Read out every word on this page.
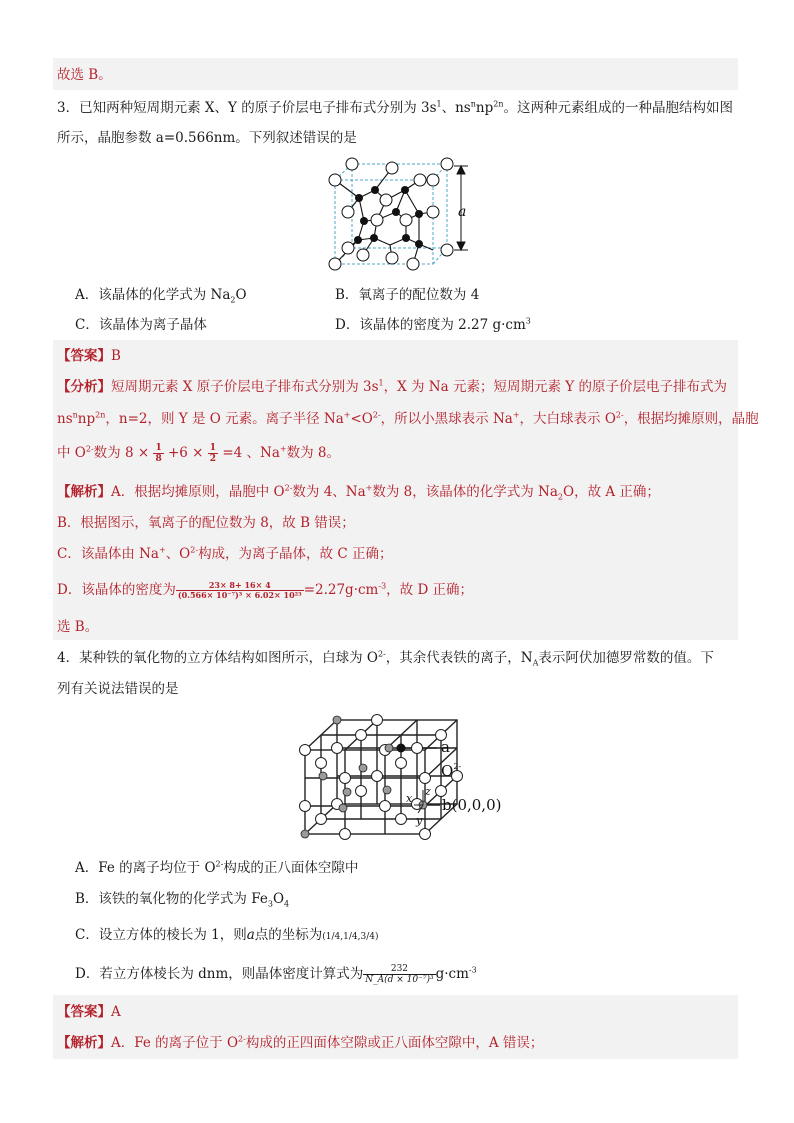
故选 B。
3．已知两种短周期元素 X、Y 的原子价层电子排布式分别为 $3s^1$、$ns^nnp^{2n}$。这两种元素组成的一种晶胞结构如图
所示，晶胞参数 a=0.566nm。下列叙述错误的是
a
A．该晶体的化学式为 $Na_2O$	B．氧离子的配位数为 4
C．该晶体为离子晶体	D．该晶体的密度为 2.27 $g\cdot cm^3$
【答案】B
【分析】短周期元素 X 原子价层电子排布式分别为 $3s^1$，X 为 Na 元素；短周期元素 Y 的原子价层电子排布式为
$ns^nnp^{2n}$，n=2，则 Y 是 O 元素。离子半径 $Na^+<O^{2-}$，所以小黑球表示 Na+，大白球表示 $O^{2-}$，根据均摊原则，晶胞
中 $O^{2-}$数为 $8 \times \frac{1}{8} +6 \times \frac{1}{2} =4$ 、Na+数为 8。
【解析】A．根据均摊原则，晶胞中 $O^{2-}$数为 4、Na+数为 8，该晶体的化学式为 $Na_2O$，故 A 正确；
B．根据图示，氧离子的配位数为 8，故 B 错误；
C．该晶体由 Na+、$O^{2-}$构成，为离子晶体，故 C 正确；
D．该晶体的密度为 $\frac{23\times 8+ 16\times 4}{\text{(0.566× 10⁻⁷)³ × 6.02× 10²³}} =2.27g\cdot cm^{-3}$，故 D 正确；
选 B。
4．某种铁的氧化物的立方体结构如图所示，白球为 $O^{2-}$，其余代表铁的离子，$N_A$表示阿伏加德罗常数的值。下
列有关说法错误的是
a
$O^{2-}$
b(0,0,0)
x
y
z
A．Fe 的离子均位于 $O^{2-}$构成的正八面体空隙中
B．该铁的氧化物的化学式为 $Fe_3O_4$
C．设立方体的棱长为 1，则a点的坐标为(1/4,1/4,3/4)
D．若立方体棱长为 dnm，则晶体密度计算式为 $\frac{232}{\text{N\_A(d × 10⁻⁷)³}} g\cdot cm^{-3}$
【答案】A
【解析】A．Fe 的离子位于 $O^{2-}$构成的正四面体空隙或正八面体空隙中，A 错误；
